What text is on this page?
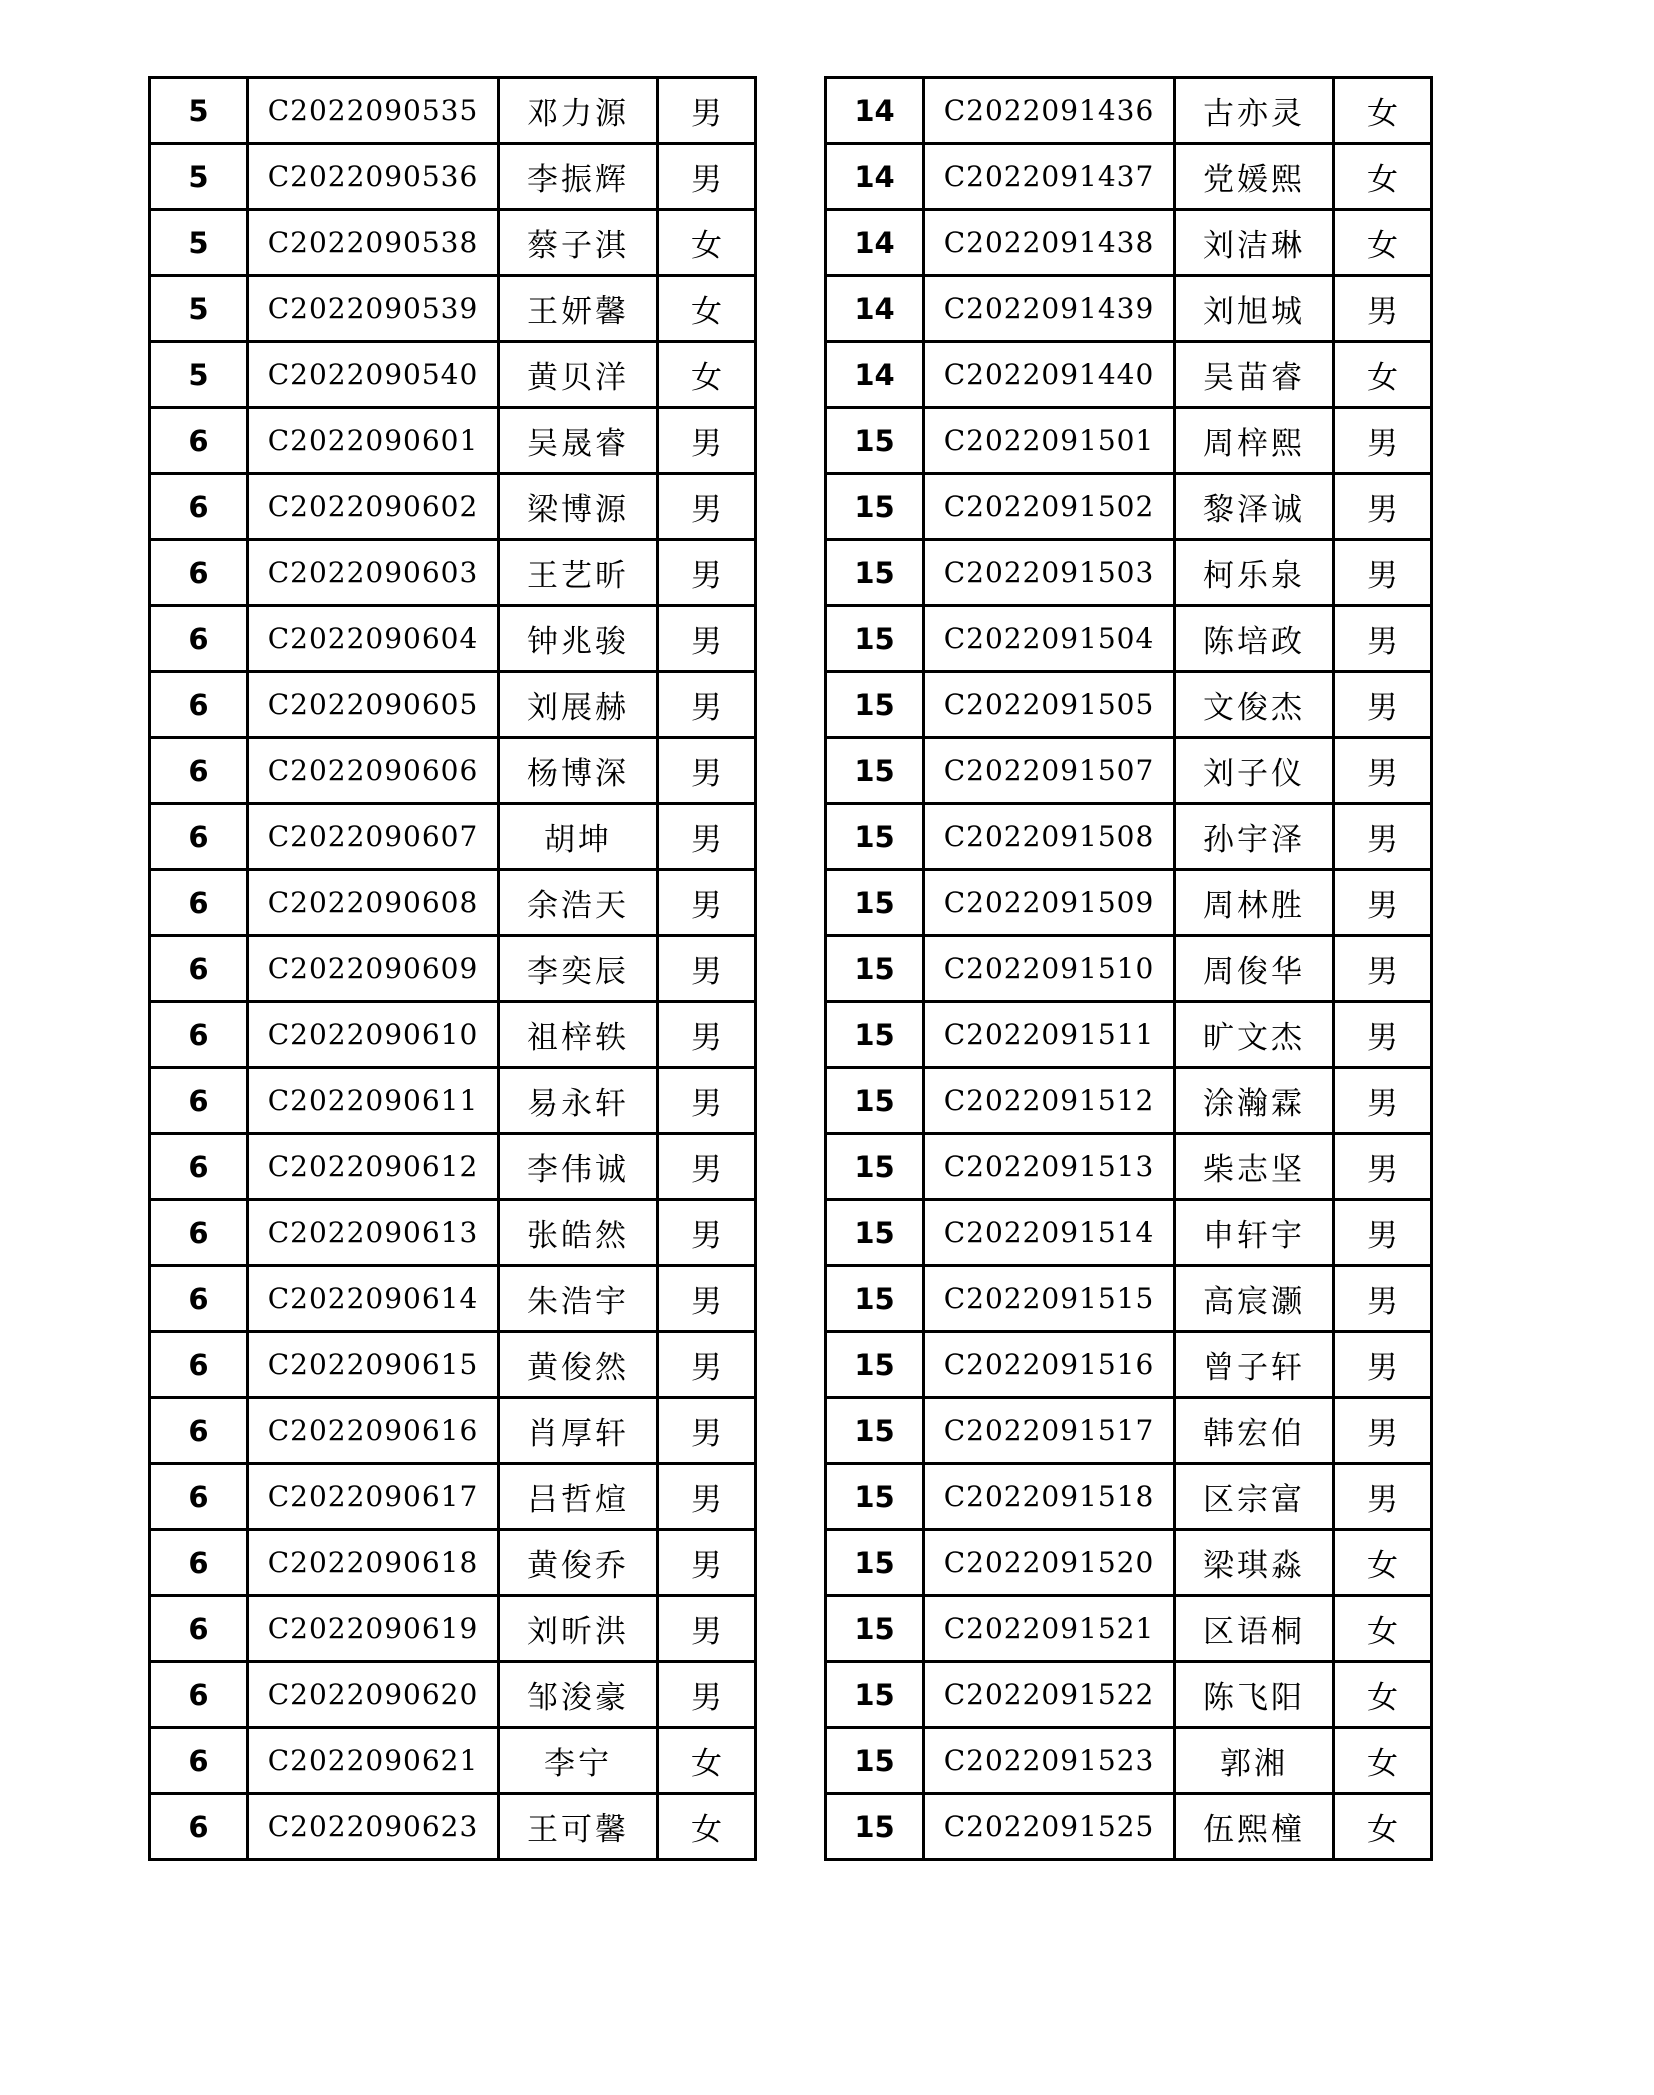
5	C2022090535	邓力源	男
5	C2022090536	李振辉	男
5	C2022090538	蔡子淇	女
5	C2022090539	王妍馨	女
5	C2022090540	黄贝洋	女
6	C2022090601	吴晟睿	男
6	C2022090602	梁博源	男
6	C2022090603	王艺昕	男
6	C2022090604	钟兆骏	男
6	C2022090605	刘展赫	男
6	C2022090606	杨博深	男
6	C2022090607	胡坤	男
6	C2022090608	余浩天	男
6	C2022090609	李奕辰	男
6	C2022090610	祖梓轶	男
6	C2022090611	易永轩	男
6	C2022090612	李伟诚	男
6	C2022090613	张皓然	男
6	C2022090614	朱浩宇	男
6	C2022090615	黄俊然	男
6	C2022090616	肖厚轩	男
6	C2022090617	吕哲煊	男
6	C2022090618	黄俊乔	男
6	C2022090619	刘昕洪	男
6	C2022090620	邹浚豪	男
6	C2022090621	李宁	女
6	C2022090623	王可馨	女
14	C2022091436	古亦灵	女
14	C2022091437	党媛熙	女
14	C2022091438	刘洁琳	女
14	C2022091439	刘旭城	男
14	C2022091440	吴苗睿	女
15	C2022091501	周梓熙	男
15	C2022091502	黎泽诚	男
15	C2022091503	柯乐泉	男
15	C2022091504	陈培政	男
15	C2022091505	文俊杰	男
15	C2022091507	刘子仪	男
15	C2022091508	孙宇泽	男
15	C2022091509	周林胜	男
15	C2022091510	周俊华	男
15	C2022091511	旷文杰	男
15	C2022091512	涂瀚霖	男
15	C2022091513	柴志坚	男
15	C2022091514	申轩宇	男
15	C2022091515	高宸灏	男
15	C2022091516	曾子轩	男
15	C2022091517	韩宏伯	男
15	C2022091518	区宗富	男
15	C2022091520	梁琪淼	女
15	C2022091521	区语桐	女
15	C2022091522	陈飞阳	女
15	C2022091523	郭湘	女
15	C2022091525	伍熙橦	女
